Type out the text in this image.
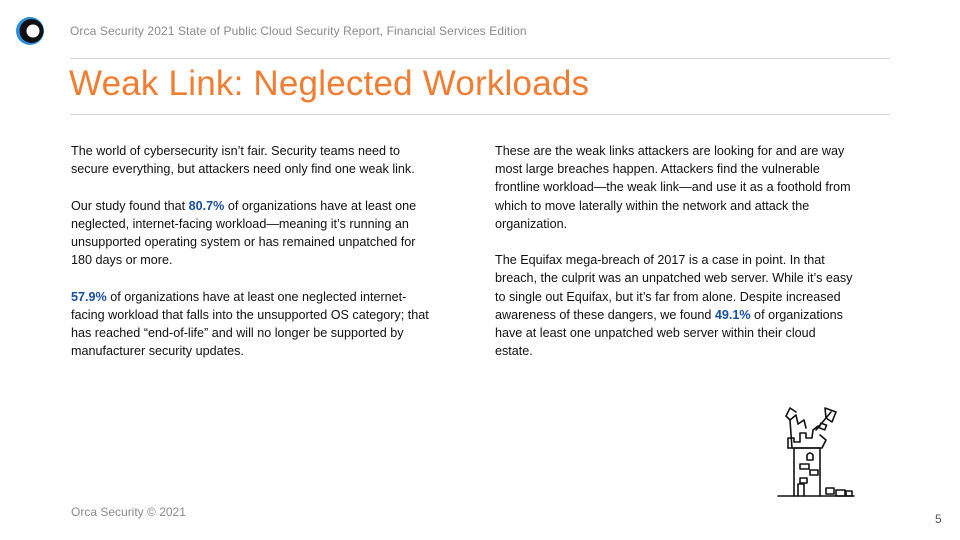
Orca Security 2021 State of Public Cloud Security Report, Financial Services Edition
Weak Link: Neglected Workloads

The world of cybersecurity isn’t fair. Security teams need to secure everything, but attackers need only find one weak link.

Our study found that 80.7% of organizations have at least one neglected, internet-facing workload—meaning it’s running an unsupported operating system or has remained unpatched for 180 days or more.

57.9% of organizations have at least one neglected internet-facing workload that falls into the unsupported OS category; that has reached “end-of-life” and will no longer be supported by manufacturer security updates.

These are the weak links attackers are looking for and are way most large breaches happen. Attackers find the vulnerable frontline workload—the weak link—and use it as a foothold from which to move laterally within the network and attack the organization.

The Equifax mega-breach of 2017 is a case in point. In that breach, the culprit was an unpatched web server. While it’s easy to single out Equifax, but it’s far from alone. Despite increased awareness of these dangers, we found 49.1% of organizations have at least one unpatched web server within their cloud estate.

Orca Security © 2021	5
